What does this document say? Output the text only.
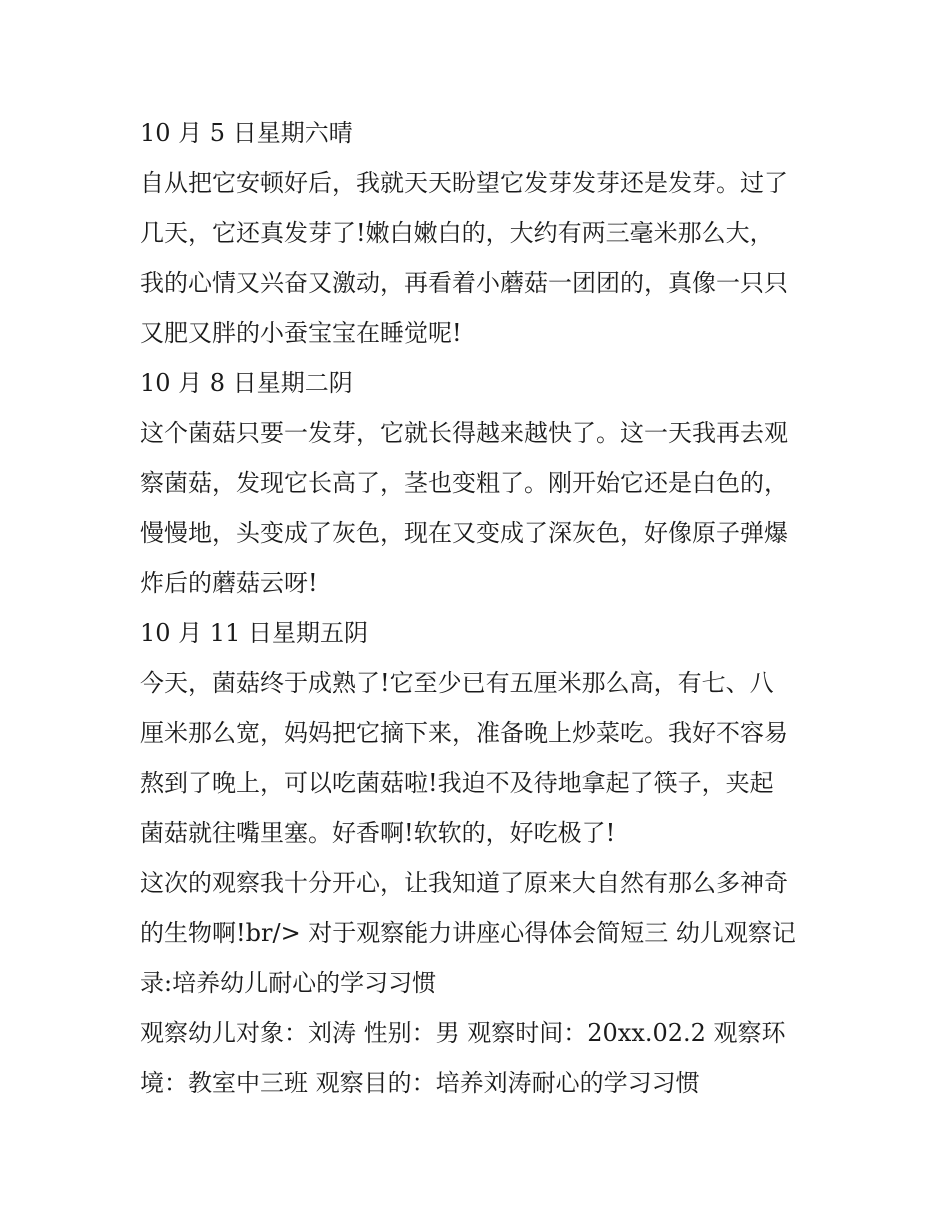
10 月 5 日星期六晴
自从把它安顿好后，我就天天盼望它发芽发芽还是发芽。过了
几天，它还真发芽了!嫩白嫩白的，大约有两三毫米那么大，
我的心情又兴奋又激动，再看着小蘑菇一团团的，真像一只只
又肥又胖的小蚕宝宝在睡觉呢!
10 月 8 日星期二阴
这个菌菇只要一发芽，它就长得越来越快了。这一天我再去观
察菌菇，发现它长高了，茎也变粗了。刚开始它还是白色的，
慢慢地，头变成了灰色，现在又变成了深灰色，好像原子弹爆
炸后的蘑菇云呀!
10 月 11 日星期五阴
今天，菌菇终于成熟了!它至少已有五厘米那么高，有七、八
厘米那么宽，妈妈把它摘下来，准备晚上炒菜吃。我好不容易
熬到了晚上，可以吃菌菇啦!我迫不及待地拿起了筷子，夹起
菌菇就往嘴里塞。好香啊!软软的，好吃极了!
这次的观察我十分开心，让我知道了原来大自然有那么多神奇
的生物啊!br/> 对于观察能力讲座心得体会简短三 幼儿观察记
录:培养幼儿耐心的学习习惯
观察幼儿对象：刘涛 性别：男 观察时间：20xx.02.2 观察环
境：教室中三班 观察目的：培养刘涛耐心的学习习惯
